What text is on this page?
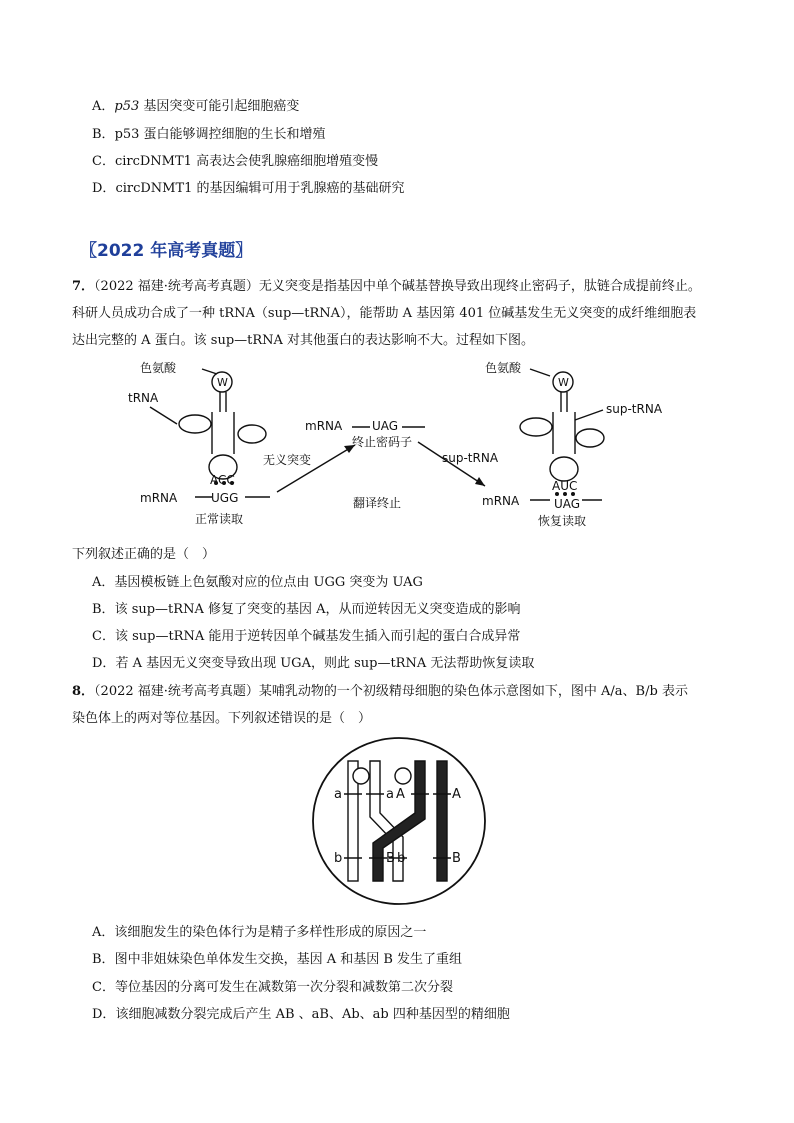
A．p53 基因突变可能引起细胞癌变
B．p53 蛋白能够调控细胞的生长和增殖
C．circDNMT1 高表达会使乳腺癌细胞增殖变慢
D．circDNMT1 的基因编辑可用于乳腺癌的基础研究
〖2022 年高考真题〗
7．（2022 福建·统考高考真题）无义突变是指基因中单个碱基替换导致出现终止密码子，肽链合成提前终止。
科研人员成功合成了一种 tRNA（sup—tRNA），能帮助 A 基因第 401 位碱基发生无义突变的成纤维细胞表
达出完整的 A 蛋白。该 sup—tRNA 对其他蛋白的表达影响不大。过程如下图。
色氨酸
W
tRNA
ACC
UGG
mRNA
正常读取
无义突变
mRNA UAG
终止密码子
sup-tRNA
翻译终止
色氨酸
W
sup-tRNA
AUC
UAG
mRNA
恢复读取
下列叙述正确的是（　）
A．基因模板链上色氨酸对应的位点由 UGG 突变为 UAG
B．该 sup—tRNA 修复了突变的基因 A，从而逆转因无义突变造成的影响
C．该 sup—tRNA 能用于逆转因单个碱基发生插入而引起的蛋白合成异常
D．若 A 基因无义突变导致出现 UGA，则此 sup—tRNA 无法帮助恢复读取
8．（2022 福建·统考高考真题）某哺乳动物的一个初级精母细胞的染色体示意图如下，图中 A/a、B/b 表示
染色体上的两对等位基因。下列叙述错误的是（　）
a
b
a A
B b
A
B
A．该细胞发生的染色体行为是精子多样性形成的原因之一
B．图中非姐妹染色单体发生交换，基因 A 和基因 B 发生了重组
C．等位基因的分离可发生在减数第一次分裂和减数第二次分裂
D．该细胞减数分裂完成后产生 AB 、aB、Ab、ab 四种基因型的精细胞
